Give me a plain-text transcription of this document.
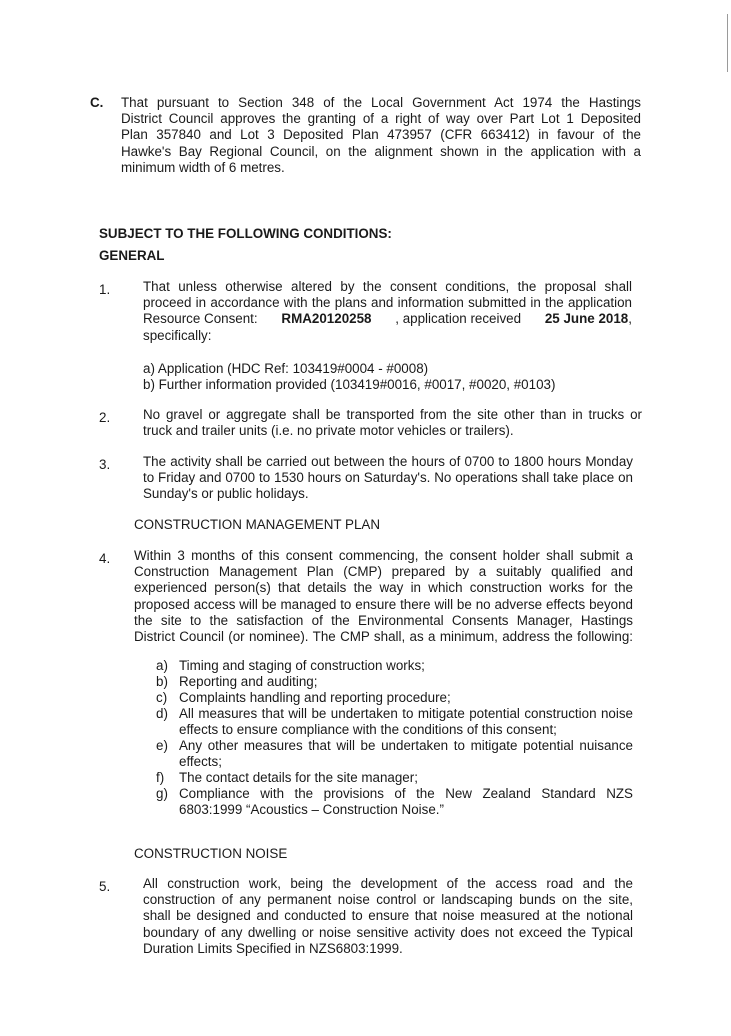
C. That pursuant to Section 348 of the Local Government Act 1974 the Hastings
District Council approves the granting of a right of way over Part Lot 1 Deposited
Plan 357840 and Lot 3 Deposited Plan 473957 (CFR 663412) in favour of the
Hawke's Bay Regional Council, on the alignment shown in the application with a
minimum width of 6 metres.
SUBJECT TO THE FOLLOWING CONDITIONS:
GENERAL
1. That unless otherwise altered by the consent conditions, the proposal shall
proceed in accordance with the plans and information submitted in the application
Resource Consent: RMA20120258 , application received 25 June 2018,
specifically:
a) Application (HDC Ref: 103419#0004 - #0008)
b) Further information provided (103419#0016, #0017, #0020, #0103)
2. No gravel or aggregate shall be transported from the site other than in trucks or
truck and trailer units (i.e. no private motor vehicles or trailers).
3. The activity shall be carried out between the hours of 0700 to 1800 hours Monday
to Friday and 0700 to 1530 hours on Saturday's. No operations shall take place on
Sunday's or public holidays.
CONSTRUCTION MANAGEMENT PLAN
4. Within 3 months of this consent commencing, the consent holder shall submit a
Construction Management Plan (CMP) prepared by a suitably qualified and
experienced person(s) that details the way in which construction works for the
proposed access will be managed to ensure there will be no adverse effects beyond
the site to the satisfaction of the Environmental Consents Manager, Hastings
District Council (or nominee). The CMP shall, as a minimum, address the following:
a) Timing and staging of construction works;
b) Reporting and auditing;
c) Complaints handling and reporting procedure;
d) All measures that will be undertaken to mitigate potential construction noise
effects to ensure compliance with the conditions of this consent;
e) Any other measures that will be undertaken to mitigate potential nuisance
effects;
f) The contact details for the site manager;
g) Compliance with the provisions of the New Zealand Standard NZS
6803:1999 “Acoustics – Construction Noise.”
CONSTRUCTION NOISE
5. All construction work, being the development of the access road and the
construction of any permanent noise control or landscaping bunds on the site,
shall be designed and conducted to ensure that noise measured at the notional
boundary of any dwelling or noise sensitive activity does not exceed the Typical
Duration Limits Specified in NZS6803:1999.
